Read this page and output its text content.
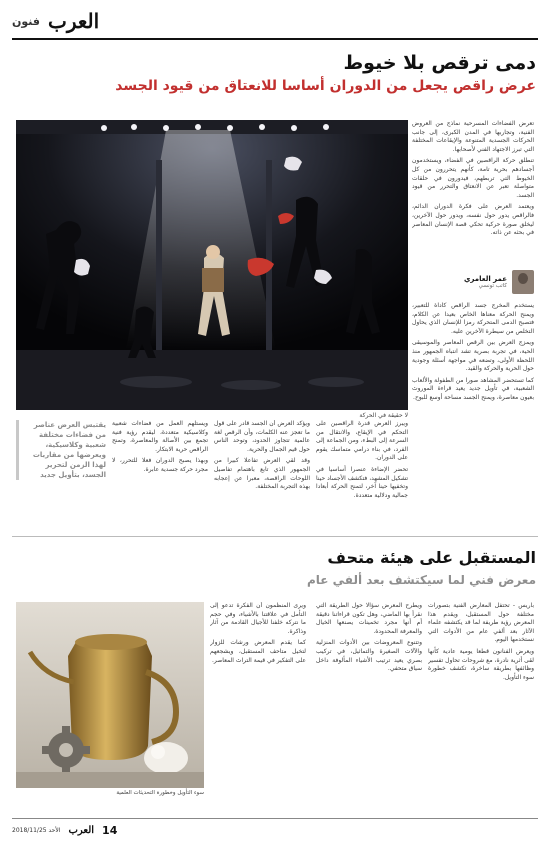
العرب
فنون
دمى ترقص بلا خيوط
عرض راقص يجعل من الدوران أساسا للانعتاق من قيود الجسد
لا حقيقة في الحركة

تعرض الفضاءات المسرحية نماذج من العروض الفنية، وتجاربها في المدن الكبرى، إلى جانب الحركات الجسدية المتنوعة والإيقاعات المختلفة التي تبرز الاجتهاد الفني لأصحابها.

تنطلق حركة الراقصين في الفضاء، ويستخدمون أجسادهم بحرية تامة، كأنهم يتحررون من كل الخيوط التي تربطهم، فيدورون في حلقات متواصلة تعبر عن الانعتاق والتحرر من قيود الجسد.

ويعتمد العرض على فكرة الدوران الدائم، فالراقص يدور حول نفسه، ويدور حول الآخرين، ليخلق صورة حركية تحكي قصة الإنسان المعاصر في بحثه عن ذاته.

عمر العامري
كاتب تونسي

يستخدم المخرج جسد الراقص كأداة للتعبير، ويمنح الحركة معناها الخاص بعيدا عن الكلام، فتصبح الدمى المتحركة رمزا للإنسان الذي يحاول التخلص من سيطرة الآخرين عليه.

ويمزج العرض بين الرقص المعاصر والموسيقى الحية، في تجربة بصرية تشد انتباه الجمهور منذ اللحظة الأولى، وتضعه في مواجهة أسئلة وجودية حول الحرية والحركة والقيد.

كما تستحضر المشاهد صورا من الطفولة والألعاب الشعبية، في تأويل جديد يعيد قراءة الموروث بعيون معاصرة، ويمنح الجسد مساحة أوسع للبوح.

ويبرز العرض قدرة الراقصين على التحكم في الإيقاع، والانتقال من السرعة إلى البطء، ومن الجماعة إلى الفرد، في بناء درامي متماسك يقوم على الدوران.

تحضر الإضاءة عنصرا أساسيا في تشكيل المشهد، فتكشف الأجساد حينا وتخفيها حينا آخر، لتمنح الحركة أبعادا جمالية ودلالية متعددة.

ويؤكد العرض أن الجسد قادر على قول ما تعجز عنه الكلمات، وأن الرقص لغة عالمية تتجاوز الحدود، وتوحد الناس حول قيم الجمال والحرية.

وقد لقي العرض تفاعلا كبيرا من الجمهور الذي تابع باهتمام تفاصيل اللوحات الراقصة، معبرا عن إعجابه بهذه التجربة المختلفة.

ويستلهم العمل من فضاءات شعبية وكلاسيكية متعددة، ليقدم رؤية فنية تجمع بين الأصالة والمعاصرة، وتمنح الراقص حرية الابتكار.

وبهذا يصبح الدوران فعلا للتحرر، لا مجرد حركة جسدية عابرة.

يقتبس العرض عناصر من فضاءات مختلفة شعبية وكلاسيكية، ويعرضها من مقاربات لهذا الزمن لتحرير الجسد، بتأويل جديد
المستقبل على هيئة متحف
معرض فني لما سيكتشف بعد ألفي عام
سوء التأويل وخطورة التحديثات العلمية

باريس - تحتفل المعارض الفنية بتصورات مختلفة حول المستقبل، ويقدم هذا المعرض رؤية طريفة لما قد يكتشفه علماء الآثار بعد ألفي عام من الأدوات التي نستخدمها اليوم.

ويعرض الفنانون قطعا يومية عادية كأنها لقى أثرية نادرة، مع شروحات تحاول تفسير وظائفها بطريقة ساخرة، تكشف خطورة سوء التأويل.

ويطرح المعرض سؤالا حول الطريقة التي نقرأ بها الماضي، وهل تكون قراءاتنا دقيقة أم أنها مجرد تخمينات يصنعها الخيال والمعرفة المحدودة.

وتتنوع المعروضات بين الأدوات المنزلية والآلات الصغيرة والتماثيل، في تركيب بصري يعيد ترتيب الأشياء المألوفة داخل سياق متحفي.

ويرى المنظمون أن الفكرة تدعو إلى التأمل في علاقتنا بالأشياء، وفي حجم ما نتركه خلفنا للأجيال القادمة من آثار وذاكرة.

كما يقدم المعرض ورشات للزوار لتخيل متاحف المستقبل، ويشجعهم على التفكير في قيمة التراث المعاصر.

14
العرب
2018/11/25 الأحد
